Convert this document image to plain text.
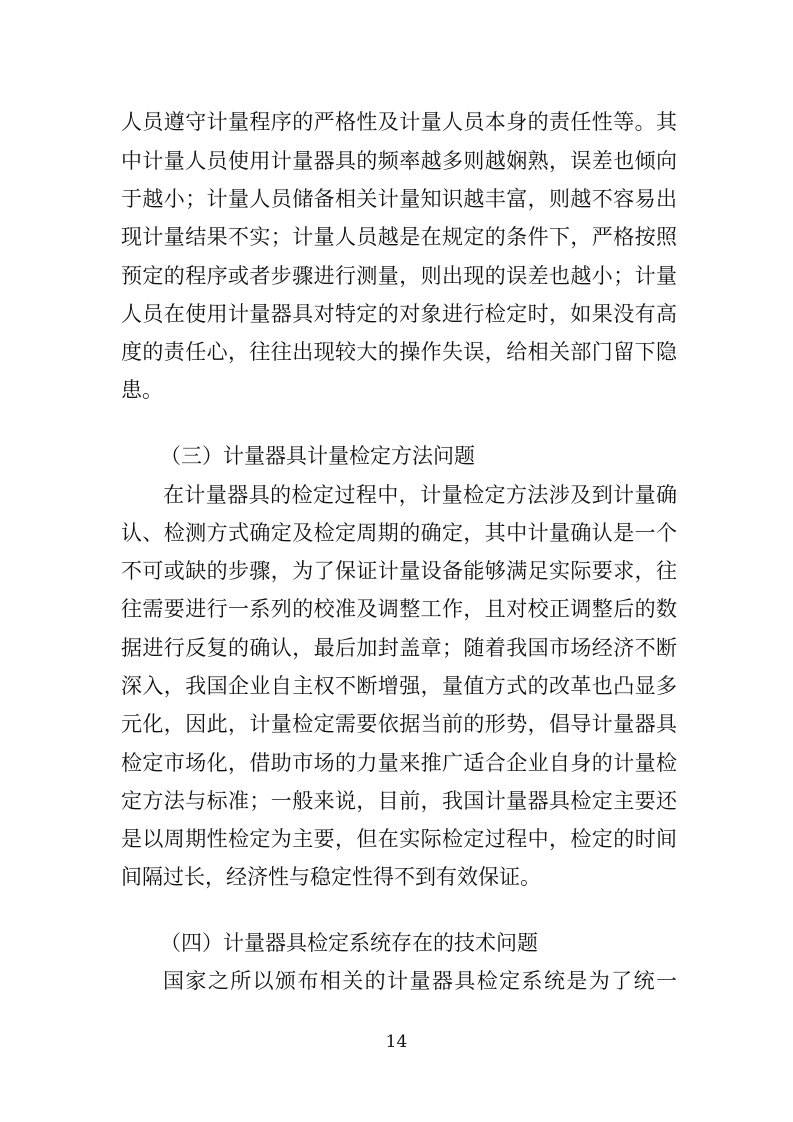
人员遵守计量程序的严格性及计量人员本身的责任性等。其
中计量人员使用计量器具的频率越多则越娴熟，误差也倾向
于越小；计量人员储备相关计量知识越丰富，则越不容易出
现计量结果不实；计量人员越是在规定的条件下，严格按照
预定的程序或者步骤进行测量，则出现的误差也越小；计量
人员在使用计量器具对特定的对象进行检定时，如果没有高
度的责任心，往往出现较大的操作失误，给相关部门留下隐
患。
（三）计量器具计量检定方法问题
在计量器具的检定过程中，计量检定方法涉及到计量确
认、检测方式确定及检定周期的确定，其中计量确认是一个
不可或缺的步骤，为了保证计量设备能够满足实际要求，往
往需要进行一系列的校准及调整工作，且对校正调整后的数
据进行反复的确认，最后加封盖章；随着我国市场经济不断
深入，我国企业自主权不断增强，量值方式的改革也凸显多
元化，因此，计量检定需要依据当前的形势，倡导计量器具
检定市场化，借助市场的力量来推广适合企业自身的计量检
定方法与标准；一般来说，目前，我国计量器具检定主要还
是以周期性检定为主要，但在实际检定过程中，检定的时间
间隔过长，经济性与稳定性得不到有效保证。
（四）计量器具检定系统存在的技术问题
国家之所以颁布相关的计量器具检定系统是为了统一
14
